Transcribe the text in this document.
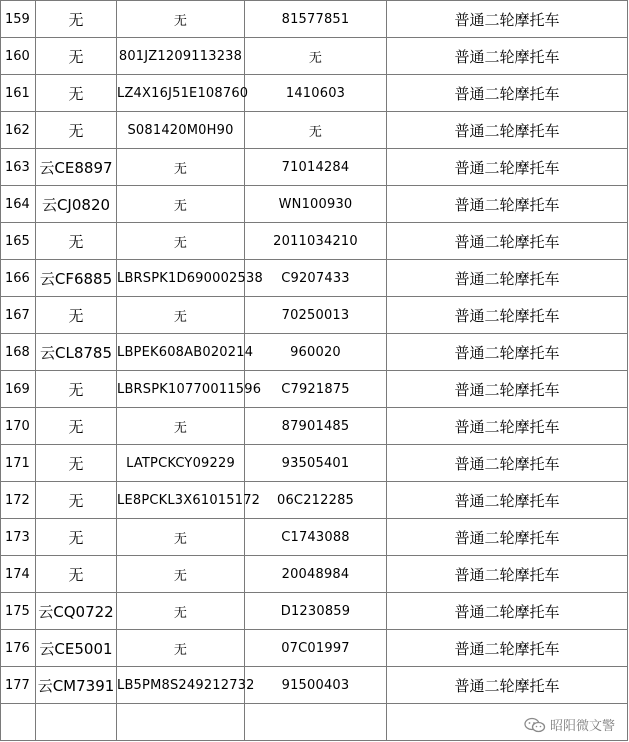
159	无	无	81577851	普通二轮摩托车
160	无	801JZ1209113238	无	普通二轮摩托车
161	无	LZ4X16J51E108760	1410603	普通二轮摩托车
162	无	S081420M0H90	无	普通二轮摩托车
163	云CE8897	无	71014284	普通二轮摩托车
164	云CJ0820	无	WN100930	普通二轮摩托车
165	无	无	2011034210	普通二轮摩托车
166	云CF6885	LBRSPK1D690002538	C9207433	普通二轮摩托车
167	无	无	70250013	普通二轮摩托车
168	云CL8785	LBPEK608AB020214	960020	普通二轮摩托车
169	无	LBRSPK10770011596	C7921875	普通二轮摩托车
170	无	无	87901485	普通二轮摩托车
171	无	LATPCKCY09229	93505401	普通二轮摩托车
172	无	LE8PCKL3X61015172	06C212285	普通二轮摩托车
173	无	无	C1743088	普通二轮摩托车
174	无	无	20048984	普通二轮摩托车
175	云CQ0722	无	D1230859	普通二轮摩托车
176	云CE5001	无	07C01997	普通二轮摩托车
177	云CM7391	LB5PM8S249212732	91500403	普通二轮摩托车

昭阳微文警
